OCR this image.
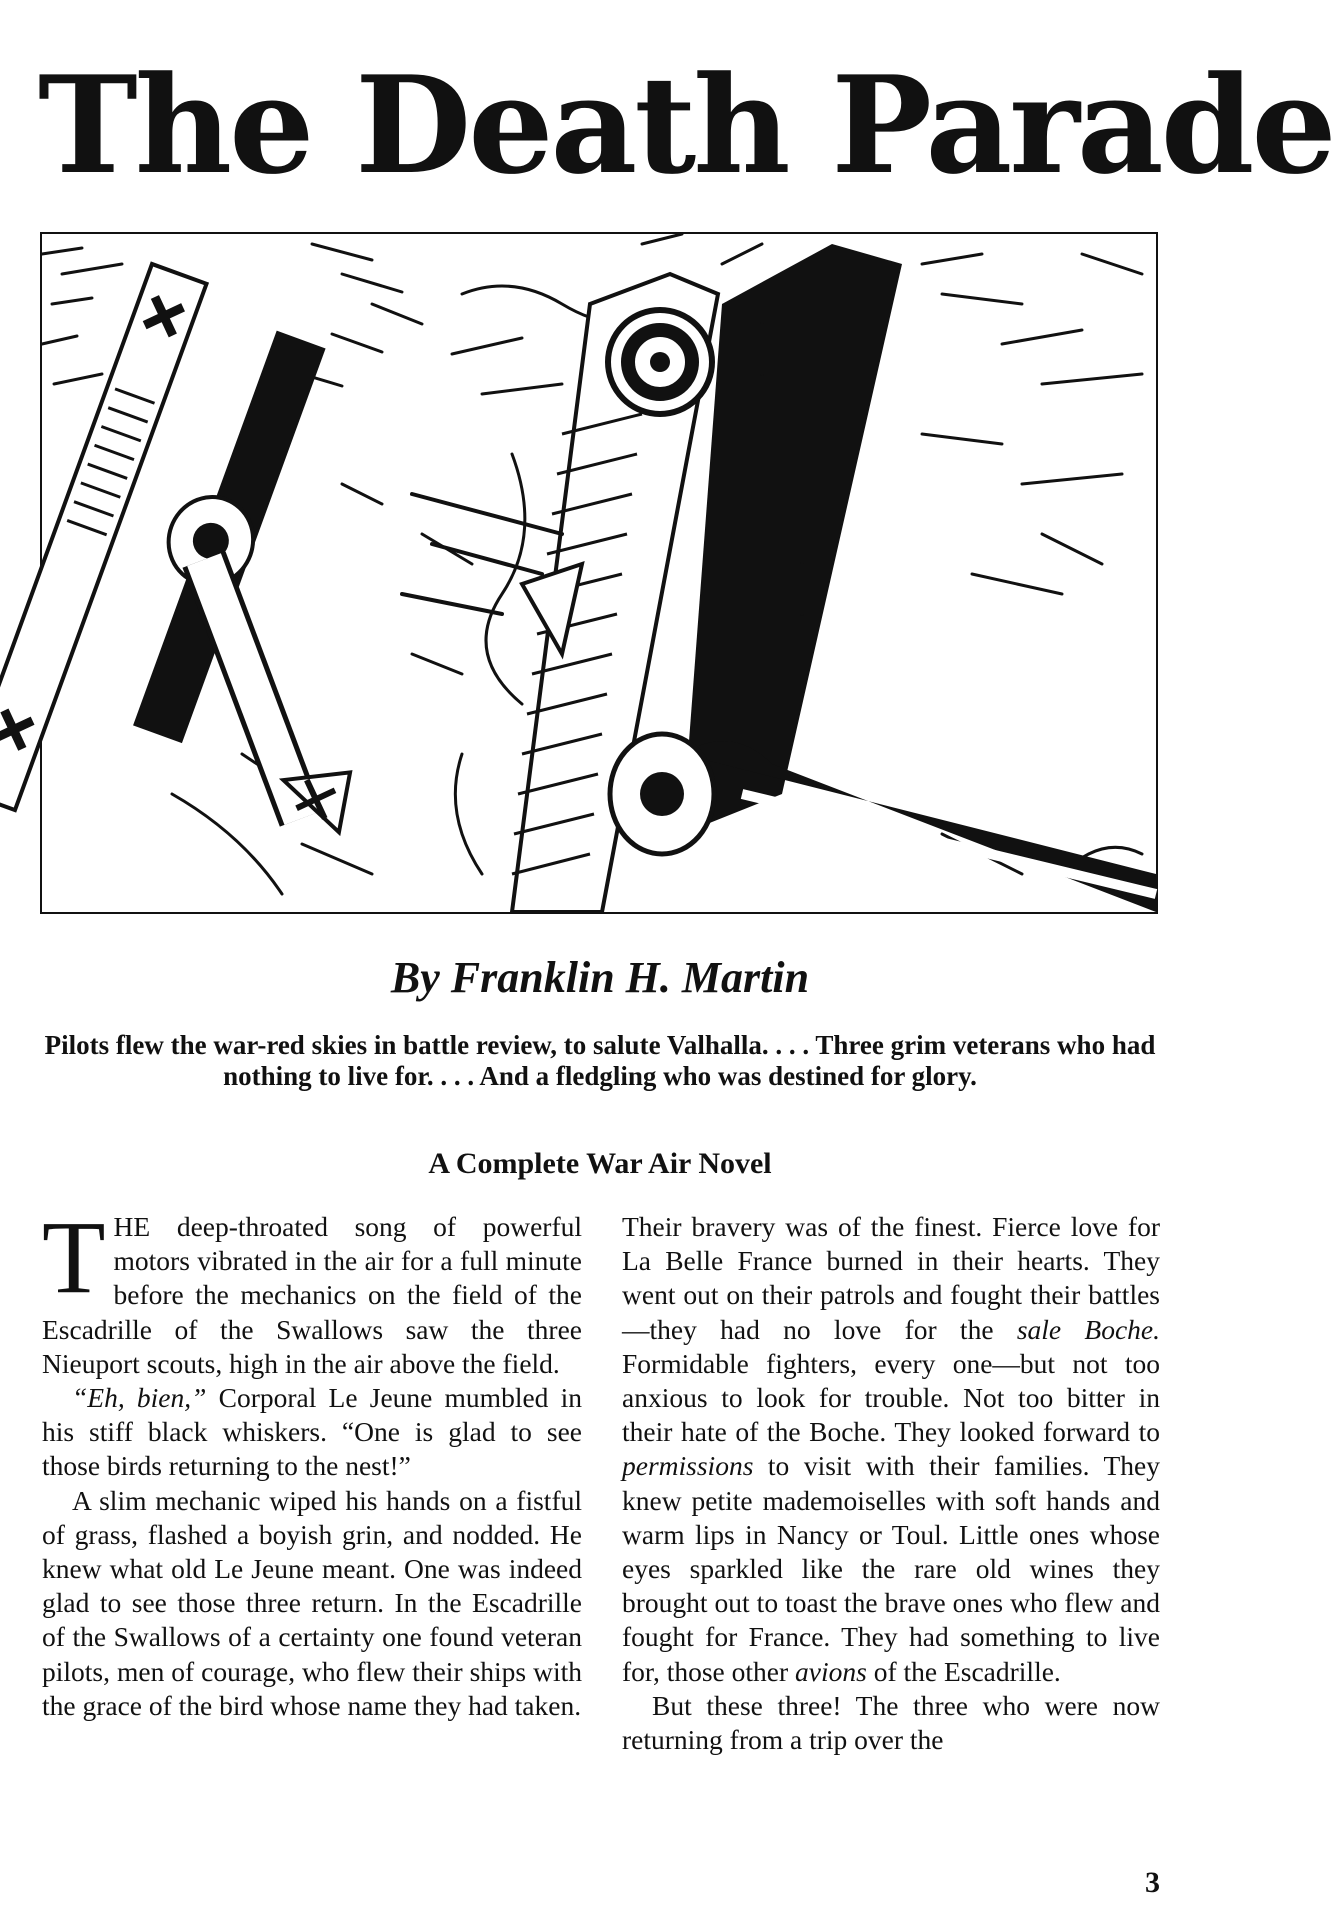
The Death Parade
By Franklin H. Martin
Pilots flew the war-red skies in battle review, to salute Valhalla. . . . Three grim veterans who had nothing to live for. . . . And a fledgling who was destined for glory.
A Complete War Air Novel

THE deep-throated song of powerful motors vibrated in the air for a full minute before the mechanics on the field of the Escadrille of the Swallows saw the three Nieuport scouts, high in the air above the field.

“Eh, bien,” Corporal Le Jeune mumbled in his stiff black whiskers. “One is glad to see those birds returning to the nest!”

A slim mechanic wiped his hands on a fistful of grass, flashed a boyish grin, and nodded. He knew what old Le Jeune meant. One was indeed glad to see those three return. In the Escadrille of the Swallows of a certainty one found veteran pilots, men of courage, who flew their ships with the grace of the bird whose name they had taken.

Their bravery was of the finest. Fierce love for La Belle France burned in their hearts. They went out on their patrols and fought their battles—they had no love for the sale Boche. Formidable fighters, every one—but not too anxious to look for trouble. Not too bitter in their hate of the Boche. They looked forward to permissions to visit with their families. They knew petite mademoiselles with soft hands and warm lips in Nancy or Toul. Little ones whose eyes sparkled like the rare old wines they brought out to toast the brave ones who flew and fought for France. They had something to live for, those other avions of the Escadrille.

But these three! The three who were now returning from a trip over the

3
